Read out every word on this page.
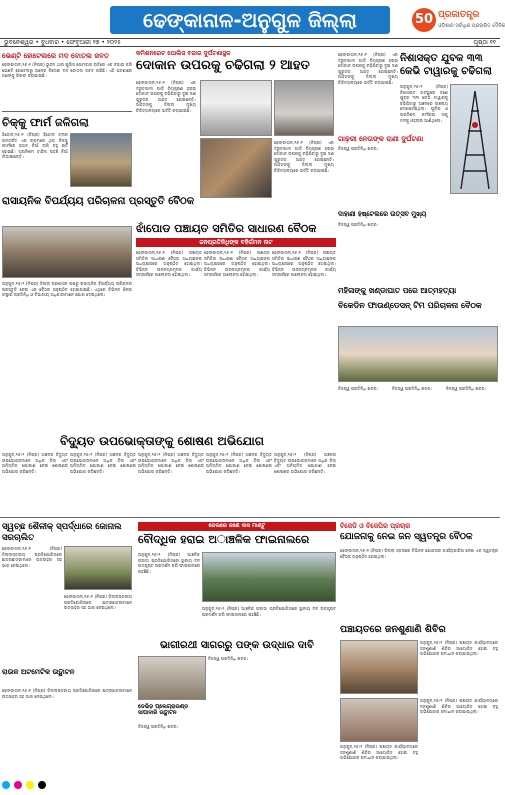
ଢେଙ୍କାନାଳ-ଅନୁଗୁଳ ଜିଲ୍ଲା	50 ପ୍ରଜାତନ୍ତ୍ର
ଓଡ଼ିଶାର ସର୍ବାଧିକ ପ୍ରଚାରିତ ଦୈନିକ
ଭୁବନେଶ୍ୱର • ବୁଧବାର • ଫେବୃଆରୀ ୨୭ • ୨୦୨୫	ପୃଷ୍ଠା ୧୧
ଭେଣ୍ଟି ହୋଟେଲରେ ମଦ ବୋତଲ ଜବତ
ଢେଙ୍କାନାଳ,୨୬।୨ (ନିପ୍ର) ଭୁବନ ଥାନା ପୁଲିସ ସୋମବାର ରାତିରେ ଏକ ଚଢାଉ କରି ଭେଣ୍ଟି ହୋଟେଲରୁ ଅନେକ ବିଦେଶୀ ମଦ ବୋତଲ ଜବତ କରିଛି। ଏହି ଘଟଣାରେ ଜଣଙ୍କୁ ଗିରଫ କରାଯାଇଛି।
ଚିକ୍କୁ ଫାର୍ମ ଜଳିଗଲା
ହିନ୍ଦୋଳ,୨୬।୨ (ନିପ୍ର) ହିନ୍ଦୋଳ ବ୍ଲକ ଅନ୍ତର୍ଗତ ଏକ ଗ୍ରାମରେ ଥିବା ଚିକ୍କୁ ଫାର୍ମରେ ହଠାତ୍ ନିଆଁ ଲାଗି ବହୁ କ୍ଷତି ହୋଇଛି। ଅଗ୍ନିଶମ ବାହିନୀ ପହଞ୍ଚି ନିଆଁ ଲିଭାଇଛନ୍ତି।
ରାସାୟନିକ ବିପର୍ଯ୍ୟୟ ପରିଚାଳନା ପ୍ରସ୍ତୁତି ବୈଠକ
ଅନୁଗୁଳ,୨୬।୨ (ନିପ୍ର) ଜିଲ୍ଲା ପ୍ରଶାସନ ପକ୍ଷରୁ ରାସାୟନିକ ବିପର୍ଯ୍ୟୟ ପରିଚାଳନା ପ୍ରସ୍ତୁତି ନେଇ ଏକ ବୈଠକ ଅନୁଷ୍ଠିତ ହୋଇଯାଇଛି। ଏଥିରେ ବିଭିନ୍ନ ଶିଳ୍ପ ସଂସ୍ଥାର ପ୍ରତିନିଧି ଓ ବିଭାଗୀୟ ଅଧିକାରୀମାନେ ଯୋଗ ଦେଇଥିଲେ।
କମିଶନରେଟ ପୋଲିସ ବଜାର ଦୁର୍ଘଟଣାସ୍ଥଳ
ଦୋକାନ ଉପରକୁ ଚଢିଗଲା ୨ ଆହତ
ଢେଙ୍କାନାଳ,୨୬।୨ (ନିପ୍ର) ଏକ ଦ୍ରୁତଗାମୀ ଗାଡି ନିୟନ୍ତ୍ରଣ ହରାଇ ଦୋକାନ ଉପରକୁ ଚଢିଯିବାରୁ ଦୁଇ ଜଣ ଗୁରୁତର ଆହତ ହୋଇଛନ୍ତି। ଆହତଙ୍କୁ ଜିଲ୍ଲା ମୁଖ୍ୟ ଚିକିତ୍ସାଳୟରେ ଭର୍ତ୍ତି କରାଯାଇଛି।
ଢେଙ୍କାନାଳ,୨୬।୨ (ନିପ୍ର) ଏକ ଦ୍ରୁତଗାମୀ ଗାଡି ନିୟନ୍ତ୍ରଣ ହରାଇ ଦୋକାନ ଉପରକୁ ଚଢିଯିବାରୁ ଦୁଇ ଜଣ ଗୁରୁତର ଆହତ ହୋଇଛନ୍ତି। ଆହତଙ୍କୁ ଜିଲ୍ଲା ମୁଖ୍ୟ ଚିକିତ୍ସାଳୟରେ ଭର୍ତ୍ତି କରାଯାଇଛି।
ଝାଁପୋଡ ପଞ୍ଚାୟତ ସମିତିର ସାଧାରଣ ବୈଠକ
ଜନପ୍ରତିନିଧିଙ୍କ ବହିର୍ଗମନ ନାଟ
ଢେଙ୍କାନାଳ,୨୬।୨ (ନିପ୍ର) ପଞ୍ଚାୟତ ସମିତିର ସାଧାରଣ ବୈଠକ ଅଧ୍ୟକ୍ଷଙ୍କ ଅଧ୍ୟକ୍ଷତାରେ ଅନୁଷ୍ଠିତ ହୋଇଥିଲା। ବିଭିନ୍ନ ଉନ୍ନୟନମୂଳକ କାର୍ଯ୍ୟ ସମ୍ପର୍କରେ ଆଲୋଚନା ହୋଇଥିଲା।
ଢେଙ୍କାନାଳ,୨୬।୨ (ନିପ୍ର) ପଞ୍ଚାୟତ ସମିତିର ସାଧାରଣ ବୈଠକ ଅଧ୍ୟକ୍ଷଙ୍କ ଅଧ୍ୟକ୍ଷତାରେ ଅନୁଷ୍ଠିତ ହୋଇଥିଲା। ବିଭିନ୍ନ ଉନ୍ନୟନମୂଳକ କାର୍ଯ୍ୟ ସମ୍ପର୍କରେ ଆଲୋଚନା ହୋଇଥିଲା।
ଢେଙ୍କାନାଳ,୨୬।୨ (ନିପ୍ର) ପଞ୍ଚାୟତ ସମିତିର ସାଧାରଣ ବୈଠକ ଅଧ୍ୟକ୍ଷଙ୍କ ଅଧ୍ୟକ୍ଷତାରେ ଅନୁଷ୍ଠିତ ହୋଇଥିଲା। ବିଭିନ୍ନ ଉନ୍ନୟନମୂଳକ କାର୍ଯ୍ୟ ସମ୍ପର୍କରେ ଆଲୋଚନା ହୋଇଥିଲା।
ଢେଙ୍କାନାଳ,୨୬।୨ (ନିପ୍ର) ଏକ ଦ୍ରୁତଗାମୀ ଗାଡି ନିୟନ୍ତ୍ରଣ ହରାଇ ଦୋକାନ ଉପରକୁ ଚଢିଯିବାରୁ ଦୁଇ ଜଣ ଗୁରୁତର ଆହତ ହୋଇଛନ୍ତି। ଆହତଙ୍କୁ ଜିଲ୍ଲା ମୁଖ୍ୟ ଚିକିତ୍ସାଳୟରେ ଭର୍ତ୍ତି କରାଯାଇଛି।
ଗାଢ଼ରୀ ନେତାଙ୍କ ରାଣୀ ଦୁର୍ଘଟଣା
ନିଜସ୍ୱ ପ୍ରତିନିଧି ଖବର।
ଦାହାଣୀ ହଷ୍ଟେଲରେ ଉତ୍ସବ ମୁଖ୍ୟ
ନିଜସ୍ୱ ପ୍ରତିନିଧି ଖବର।
ନିଶାସକ୍ତ ଯୁବକ ୩୩ କେଭି ଟାୱାରକୁ ଚଢିଗଲା
ଅନୁଗୁଳ,୨୬।୨ (ନିପ୍ର) ନିଶାସକ୍ତ ଅବସ୍ଥାରେ ଜଣେ ଯୁବକ ୩୩ କେଭି ଟାୱାରକୁ ଚଢିଯିବାରୁ ଅଞ୍ଚଳରେ ଚାଞ୍ଚଲ୍ୟ ଦେଖାଦେଇଥିଲା। ପୁଲିସ ଓ ଅଗ୍ନିଶମ କର୍ମଚାରୀ ତାକୁ ତଳକୁ ଓହ୍ଲାଇ ଆଣିଥିଲେ।
ମହିଳାଙ୍କୁ ଖଣ୍ଡାଘାତ ପରେ ଆତ୍ମହତ୍ୟା
ବିକେଡିନ ଫାଉଣ୍ଡେସନ୍ ଟିମ ପରିଚାଳନା ବୈଠକ
ନିଜସ୍ୱ ପ୍ରତିନିଧି ଖବର।	ନିଜସ୍ୱ ପ୍ରତିନିଧି ଖବର।	ନିଜସ୍ୱ ପ୍ରତିନିଧି ଖବର।
ବିଦ୍ୟୁତ ଉପଭୋକ୍ତାଙ୍କୁ ଶୋଷଣ ଅଭିଯୋଗ
ଅନୁଗୁଳ,୨୬।୨ (ନିପ୍ର) ଅଞ୍ଚଳର ବିଦ୍ୟୁତ ଉପଭୋକ୍ତାମାନେ ଅଧିକ ବିଲ୍ ଏବଂ ଅନିୟମିତ ଯୋଗାଣ ନେଇ ଶୋଷଣର ଅଭିଯୋଗ କରିଛନ୍ତି।
ଅନୁଗୁଳ,୨୬।୨ (ନିପ୍ର) ଅଞ୍ଚଳର ବିଦ୍ୟୁତ ଉପଭୋକ୍ତାମାନେ ଅଧିକ ବିଲ୍ ଏବଂ ଅନିୟମିତ ଯୋଗାଣ ନେଇ ଶୋଷଣର ଅଭିଯୋଗ କରିଛନ୍ତି।
ଅନୁଗୁଳ,୨୬।୨ (ନିପ୍ର) ଅଞ୍ଚଳର ବିଦ୍ୟୁତ ଉପଭୋକ୍ତାମାନେ ଅଧିକ ବିଲ୍ ଏବଂ ଅନିୟମିତ ଯୋଗାଣ ନେଇ ଶୋଷଣର ଅଭିଯୋଗ କରିଛନ୍ତି।
ଅନୁଗୁଳ,୨୬।୨ (ନିପ୍ର) ଅଞ୍ଚଳର ବିଦ୍ୟୁତ ଉପଭୋକ୍ତାମାନେ ଅଧିକ ବିଲ୍ ଏବଂ ଅନିୟମିତ ଯୋଗାଣ ନେଇ ଶୋଷଣର ଅଭିଯୋଗ କରିଛନ୍ତି।
ଅନୁଗୁଳ,୨୬।୨ (ନିପ୍ର) ଅଞ୍ଚଳର ବିଦ୍ୟୁତ ଉପଭୋକ୍ତାମାନେ ଅଧିକ ବିଲ୍ ଏବଂ ଅନିୟମିତ ଯୋଗାଣ ନେଇ ଶୋଷଣର ଅଭିଯୋଗ କରିଛନ୍ତି।
ସ୍ୱଚ୍ଛ ଶୈଳୀକ୍ ସ୍ପର୍ଦ୍ଧାରେ ଜୋନାଲ ସରଚାଲିତ
ଢେଙ୍କାନାଳ,୨୬।୨ (ନିପ୍ର) ଜିଲ୍ଲାସ୍ତରୀୟ ପ୍ରତିଯୋଗିତାରେ ଛାତ୍ରଛାତ୍ରୀମାନେ ଉତ୍ସାହର ସହ ଭାଗ ନେଇଥିଲେ।
ଢେଙ୍କାନାଳ,୨୬।୨ (ନିପ୍ର) ଜିଲ୍ଲାସ୍ତରୀୟ ପ୍ରତିଯୋଗିତାରେ ଛାତ୍ରଛାତ୍ରୀମାନେ ଉତ୍ସାହର ସହ ଭାଗ ନେଇଥିଲେ।
ରାଉଳ ଅଟମେଟିକ ଉଦ୍ଘାଟନ
ଢେଙ୍କାନାଳ,୨୬।୨ (ନିପ୍ର) ଜିଲ୍ଲାସ୍ତରୀୟ ପ୍ରତିଯୋଗିତାରେ ଛାତ୍ରଛାତ୍ରୀମାନେ ଉତ୍ସାହର ସହ ଭାଗ ନେଇଥିଲେ।
ଜେଲରେ ଜଣେ ଦାସ ମାଣ୍ଟୁ
ବୌଦ୍ଧିକ ହରାଇ ଅାଞ୍ଚଳିକ ଫାଇନାଲରେ
ଅନୁଗୁଳ,୨୬।୨ (ନିପ୍ର) ଆଞ୍ଚଳିକ କ୍ରୀଡା ପ୍ରତିଯୋଗିତାରେ ସ୍ଥାନୀୟ ଦଳ ଉତ୍କୃଷ୍ଟ ପ୍ରଦର୍ଶନ କରି ଫାଇନାଲରେ ପହଞ୍ଚିଛି।
ଅନୁଗୁଳ,୨୬।୨ (ନିପ୍ର) ଆଞ୍ଚଳିକ କ୍ରୀଡା ପ୍ରତିଯୋଗିତାରେ ସ୍ଥାନୀୟ ଦଳ ଉତ୍କୃଷ୍ଟ ପ୍ରଦର୍ଶନ କରି ଫାଇନାଲରେ ପହଞ୍ଚିଛି।
ଭାଗୀରଥୀ ସାଗରରୁ ପଙ୍କ ଉଦ୍ଧାର ଦାବି
ନିଜସ୍ୱ ପ୍ରତିନିଧି ଖବର।
ଡେଭିଡ଼ ପ୍ଲେଗ୍ରାଉଣ୍ଡ ସାପାଦାରି ଉଦ୍ଘାଟନ
ନିଜସ୍ୱ ପ୍ରତିନିଧି ଖବର।
ବିଜେଡି ଓ ବିଜେପିର ପ୍ରଚାର
ଯୋଜନାକୁ ନେଇ ଜନ ସ୍ୱତନ୍ତ୍ର ବୈଠକ
ଢେଙ୍କାନାଳ,୨୬।୨ (ନିପ୍ର) ଜିଲ୍ଲା ସ୍ତରରେ ବିଭିନ୍ନ ଯୋଜନାର କାର୍ଯ୍ୟକାରିତା ନେଇ ଏକ ସ୍ୱତନ୍ତ୍ର ବୈଠକ ଅନୁଷ୍ଠିତ ହୋଇଥିଲା।
ପଞ୍ଚାୟତରେ ଜନଶୁଣାଣି ଶିବିର
ଅନୁଗୁଳ,୨୬।୨ (ନିପ୍ର) ପଞ୍ଚାୟତ କାର୍ଯ୍ୟାଳୟରେ ଜନଶୁଣାଣି ଶିବିର ଆୟୋଜିତ ହୋଇ ବହୁ ଅଭିଯୋଗର ସମାଧାନ କରାଯାଇଥିଲା।
ଅନୁଗୁଳ,୨୬।୨ (ନିପ୍ର) ପଞ୍ଚାୟତ କାର୍ଯ୍ୟାଳୟରେ ଜନଶୁଣାଣି ଶିବିର ଆୟୋଜିତ ହୋଇ ବହୁ ଅଭିଯୋଗର ସମାଧାନ କରାଯାଇଥିଲା।
ଅନୁଗୁଳ,୨୬।୨ (ନିପ୍ର) ପଞ୍ଚାୟତ କାର୍ଯ୍ୟାଳୟରେ ଜନଶୁଣାଣି ଶିବିର ଆୟୋଜିତ ହୋଇ ବହୁ ଅଭିଯୋଗର ସମାଧାନ କରାଯାଇଥିଲା।
